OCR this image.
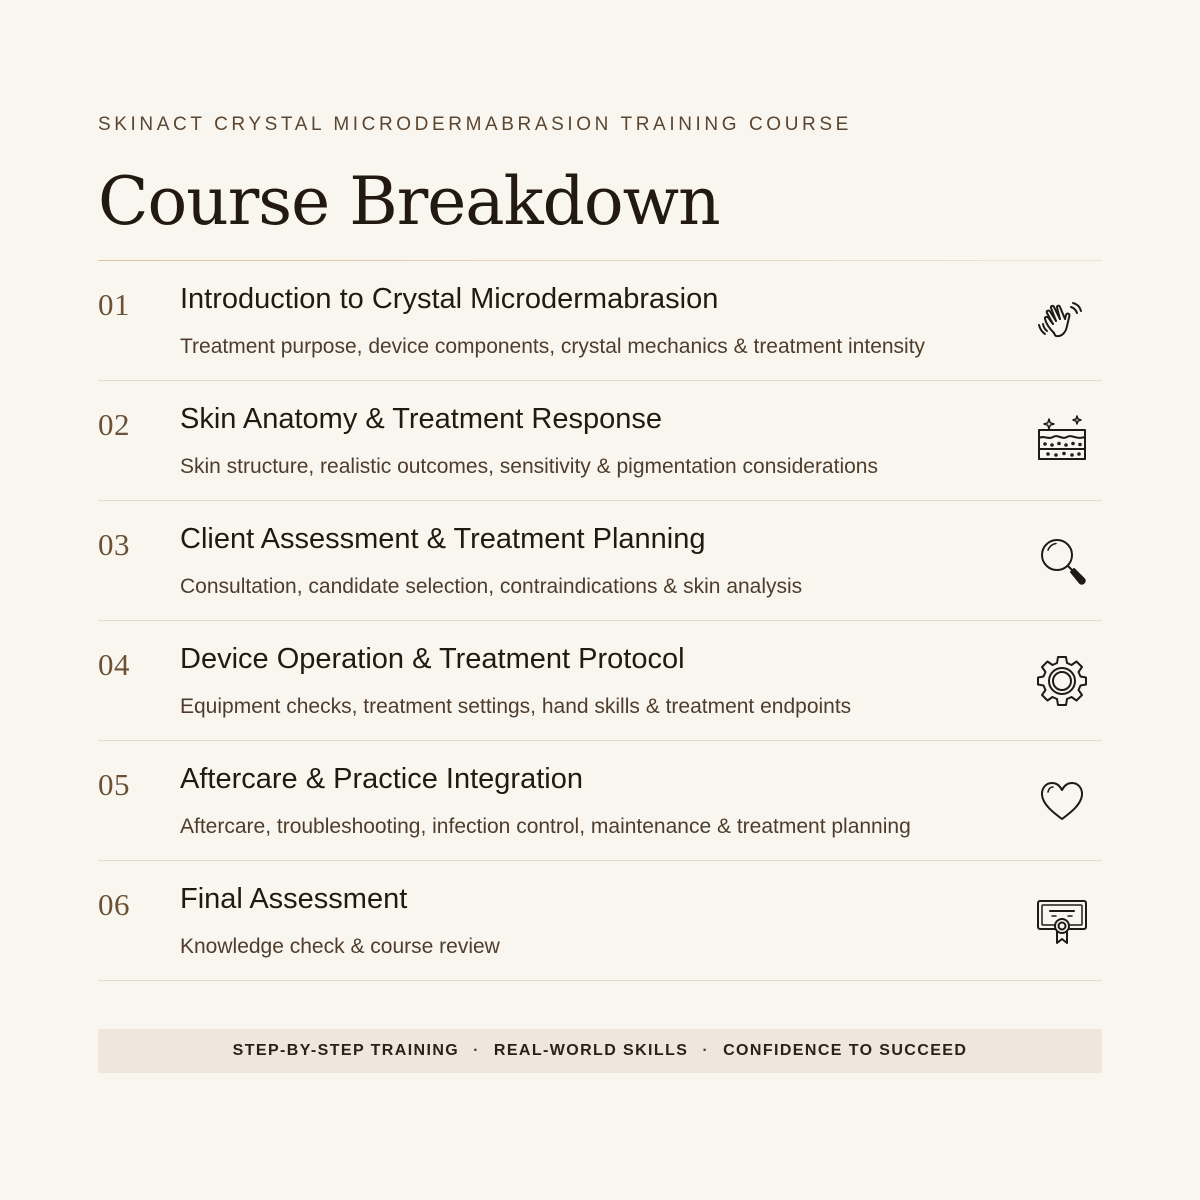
SKINACT CRYSTAL MICRODERMABRASION TRAINING COURSE
Course Breakdown
01 Introduction to Crystal Microdermabrasion
Treatment purpose, device components, crystal mechanics & treatment intensity
02 Skin Anatomy & Treatment Response
Skin structure, realistic outcomes, sensitivity & pigmentation considerations
03 Client Assessment & Treatment Planning
Consultation, candidate selection, contraindications & skin analysis
04 Device Operation & Treatment Protocol
Equipment checks, treatment settings, hand skills & treatment endpoints
05 Aftercare & Practice Integration
Aftercare, troubleshooting, infection control, maintenance & treatment planning
06 Final Assessment
Knowledge check & course review
STEP-BY-STEP TRAINING · REAL-WORLD SKILLS · CONFIDENCE TO SUCCEED
